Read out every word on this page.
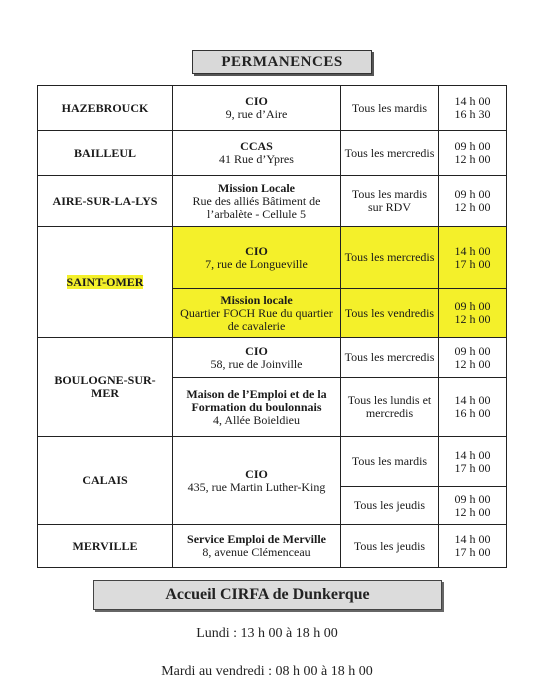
PERMANENCES
HAZEBROUCK	CIO
9, rue d’Aire	Tous les mardis	14 h 00
16 h 30

BAILLEUL	CCAS
41 Rue d’Ypres	Tous les mercredis	09 h 00
12 h 00

AIRE-SUR-LA-LYS	Mission Locale
Rue des alliés Bâtiment de l’arbalète - Cellule 5	Tous les mardis sur RDV	09 h 00
12 h 00

SAINT-OMER	CIO
7, rue de Longueville	Tous les mercredis	14 h 00
17 h 00

	Mission locale
Quartier FOCH Rue du quartier de cavalerie	Tous les vendredis	09 h 00
12 h 00

BOULOGNE-SUR-MER	CIO
58, rue de Joinville	Tous les mercredis	09 h 00
12 h 00

	Maison de l’Emploi et de la Formation du boulonnais
4, Allée Boieldieu	Tous les lundis et mercredis	14 h 00
16 h 00

CALAIS	CIO
435, rue Martin Luther-King	Tous les mardis	14 h 00
17 h 00

		Tous les jeudis	09 h 00
12 h 00

MERVILLE	Service Emploi de Merville
8, avenue Clémenceau	Tous les jeudis	14 h 00
17 h 00
Accueil CIRFA de Dunkerque
Lundi : 13 h 00 à 18 h 00
Mardi au vendredi : 08 h 00 à 18 h 00
